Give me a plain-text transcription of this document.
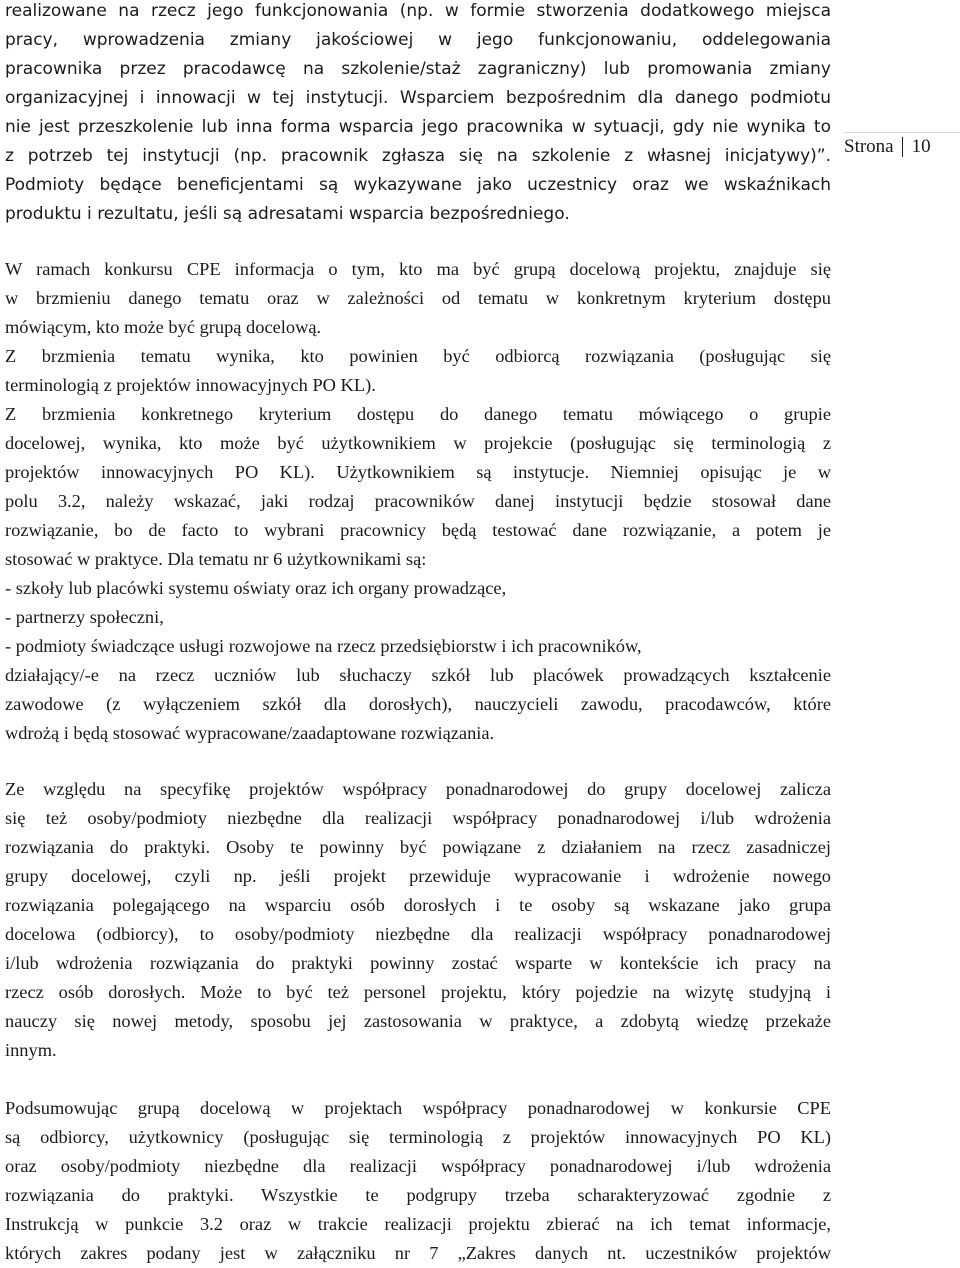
realizowane na rzecz jego funkcjonowania (np. w formie stworzenia dodatkowego miejsca
pracy, wprowadzenia zmiany jakościowej w jego funkcjonowaniu, oddelegowania
pracownika przez pracodawcę na szkolenie/staż zagraniczny) lub promowania zmiany
organizacyjnej i innowacji w tej instytucji. Wsparciem bezpośrednim dla danego podmiotu
nie jest przeszkolenie lub inna forma wsparcia jego pracownika w sytuacji, gdy nie wynika to
z potrzeb tej instytucji (np. pracownik zgłasza się na szkolenie z własnej inicjatywy)”.
Podmioty będące beneficjentami są wykazywane jako uczestnicy oraz we wskaźnikach
produktu i rezultatu, jeśli są adresatami wsparcia bezpośredniego.
W ramach konkursu CPE informacja o tym, kto ma być grupą docelową projektu, znajduje się
w brzmieniu danego tematu oraz w zależności od tematu w konkretnym kryterium dostępu
mówiącym, kto może być grupą docelową.
Z brzmienia tematu wynika, kto powinien być odbiorcą rozwiązania (posługując się
terminologią z projektów innowacyjnych PO KL).
Z brzmienia konkretnego kryterium dostępu do danego tematu mówiącego o grupie
docelowej, wynika, kto może być użytkownikiem w projekcie (posługując się terminologią z
projektów innowacyjnych PO KL). Użytkownikiem są instytucje. Niemniej opisując je w
polu 3.2, należy wskazać, jaki rodzaj pracowników danej instytucji będzie stosował dane
rozwiązanie, bo de facto to wybrani pracownicy będą testować dane rozwiązanie, a potem je
stosować w praktyce. Dla tematu nr 6 użytkownikami są:
- szkoły lub placówki systemu oświaty oraz ich organy prowadzące,
- partnerzy społeczni,
- podmioty świadczące usługi rozwojowe na rzecz przedsiębiorstw i ich pracowników,
działający/-e na rzecz uczniów lub słuchaczy szkół lub placówek prowadzących kształcenie
zawodowe (z wyłączeniem szkół dla dorosłych), nauczycieli zawodu, pracodawców, które
wdrożą i będą stosować wypracowane/zaadaptowane rozwiązania.
Ze względu na specyfikę projektów współpracy ponadnarodowej do grupy docelowej zalicza
się też osoby/podmioty niezbędne dla realizacji współpracy ponadnarodowej i/lub wdrożenia
rozwiązania do praktyki. Osoby te powinny być powiązane z działaniem na rzecz zasadniczej
grupy docelowej, czyli np. jeśli projekt przewiduje wypracowanie i wdrożenie nowego
rozwiązania polegającego na wsparciu osób dorosłych i te osoby są wskazane jako grupa
docelowa (odbiorcy), to osoby/podmioty niezbędne dla realizacji współpracy ponadnarodowej
i/lub wdrożenia rozwiązania do praktyki powinny zostać wsparte w kontekście ich pracy na
rzecz osób dorosłych. Może to być też personel projektu, który pojedzie na wizytę studyjną i
nauczy się nowej metody, sposobu jej zastosowania w praktyce, a zdobytą wiedzę przekaże
innym.
Podsumowując grupą docelową w projektach współpracy ponadnarodowej w konkursie CPE
są odbiorcy, użytkownicy (posługując się terminologią z projektów innowacyjnych PO KL)
oraz osoby/podmioty niezbędne dla realizacji współpracy ponadnarodowej i/lub wdrożenia
rozwiązania do praktyki. Wszystkie te podgrupy trzeba scharakteryzować zgodnie z
Instrukcją w punkcie 3.2 oraz w trakcie realizacji projektu zbierać na ich temat informacje,
których zakres podany jest w załączniku nr 7 „Zakres danych nt. uczestników projektów
Strona 10
